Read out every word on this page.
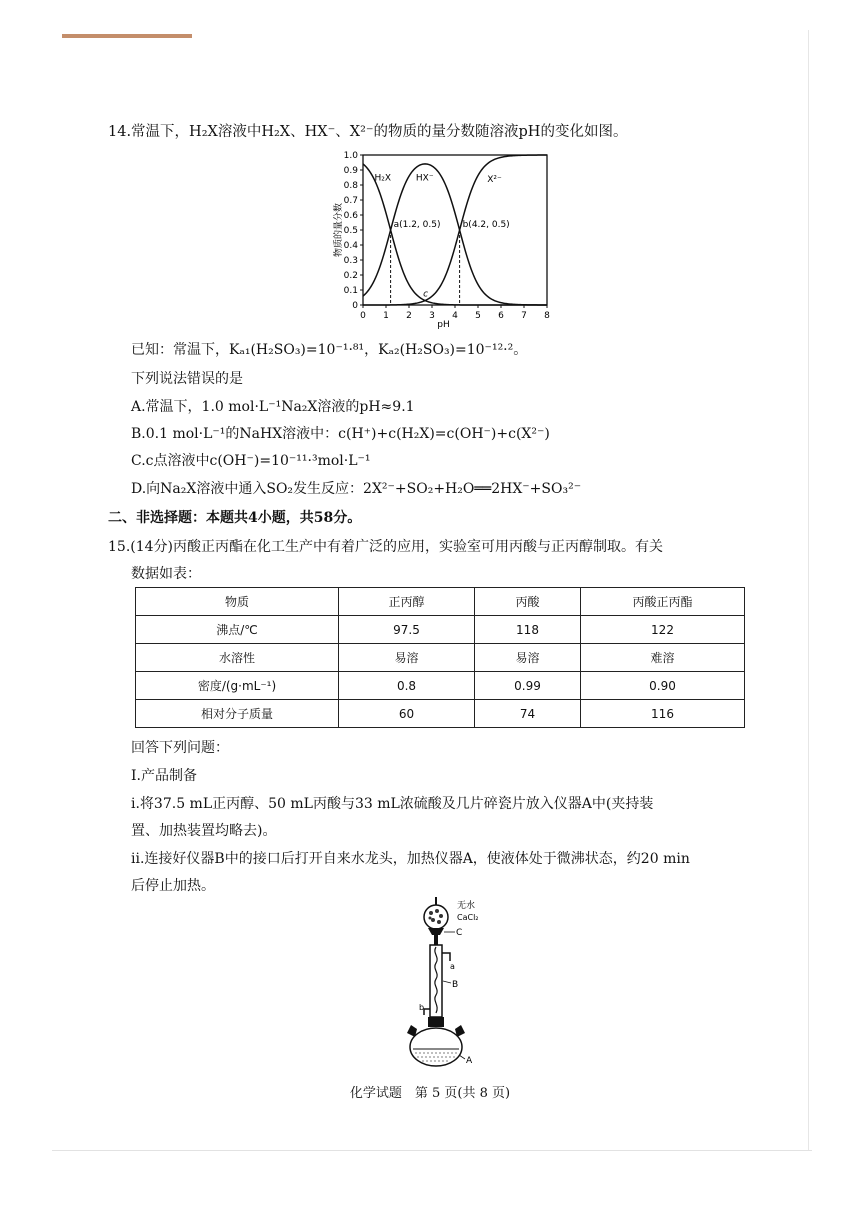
14.常温下，H₂X溶液中H₂X、HX⁻、X²⁻的物质的量分数随溶液pH的变化如图。
0
0.1
0.2
0.3
0.4
0.5
0.6
0.7
0.8
0.9
1.0
0 1 2 3 4 5 6 7 8
pH
物质的量分数
H₂X	HX⁻	X²⁻
a(1.2, 0.5) b(4.2, 0.5)
c
已知：常温下，Kₐ₁(H₂SO₃)=10⁻¹·⁸¹，Kₐ₂(H₂SO₃)=10⁻¹²·²。
下列说法错误的是
A.常温下，1.0 mol·L⁻¹Na₂X溶液的pH≈9.1
B.0.1 mol·L⁻¹的NaHX溶液中：c(H⁺)+c(H₂X)=c(OH⁻)+c(X²⁻)
C.c点溶液中c(OH⁻)=10⁻¹¹·³mol·L⁻¹
D.向Na₂X溶液中通入SO₂发生反应：2X²⁻+SO₂+H₂O══2HX⁻+SO₃²⁻
二、非选择题：本题共4小题，共58分。
15.(14分)丙酸正丙酯在化工生产中有着广泛的应用，实验室可用丙酸与正丙醇制取。有关
数据如表：
物质	正丙醇	丙酸	丙酸正丙酯
沸点/℃	97.5	118	122
水溶性	易溶	易溶	难溶
密度/(g·mL⁻¹)	0.8	0.99	0.90
相对分子质量	60	74	116
回答下列问题：
Ⅰ.产品制备
i.将37.5 mL正丙醇、50 mL丙酸与33 mL浓硫酸及几片碎瓷片放入仪器A中(夹持装
置、加热装置均略去)。
ii.连接好仪器B中的接口后打开自来水龙头，加热仪器A，使液体处于微沸状态，约20 min
后停止加热。
无水
CaCl₂
C
a
B
b
A
化学试题　第 5 页(共 8 页)
